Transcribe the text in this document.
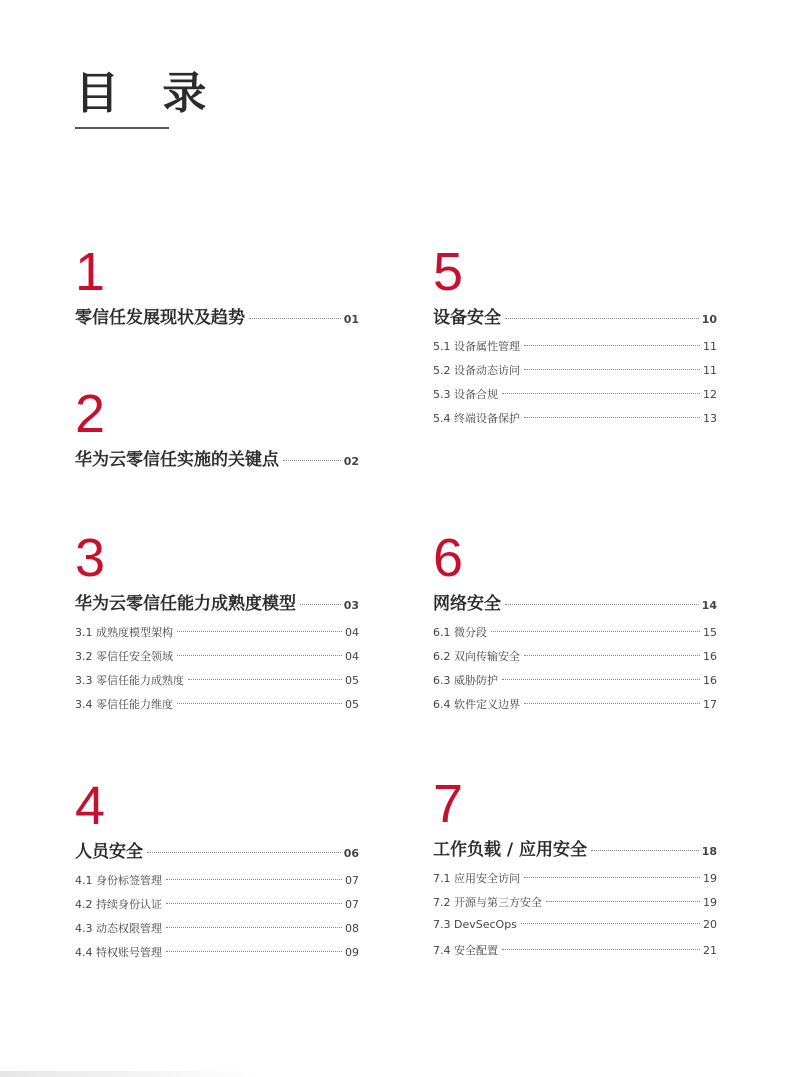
目 录
1
零信任发展现状及趋势	01
2
华为云零信任实施的关键点	02
3
华为云零信任能力成熟度模型	03
3.1 成熟度模型架构	04
3.2 零信任安全领域	04
3.3 零信任能力成熟度	05
3.4 零信任能力维度	05
4
人员安全	06
4.1 身份标签管理	07
4.2 持续身份认证	07
4.3 动态权限管理	08
4.4 特权账号管理	09
5
设备安全	10
5.1 设备属性管理	11
5.2 设备动态访问	11
5.3 设备合规	12
5.4 终端设备保护	13
6
网络安全	14
6.1 微分段	15
6.2 双向传输安全	16
6.3 威胁防护	16
6.4 软件定义边界	17
7
工作负载 / 应用安全	18
7.1 应用安全访问	19
7.2 开源与第三方安全	19
7.3 DevSecOps	20
7.4 安全配置	21
